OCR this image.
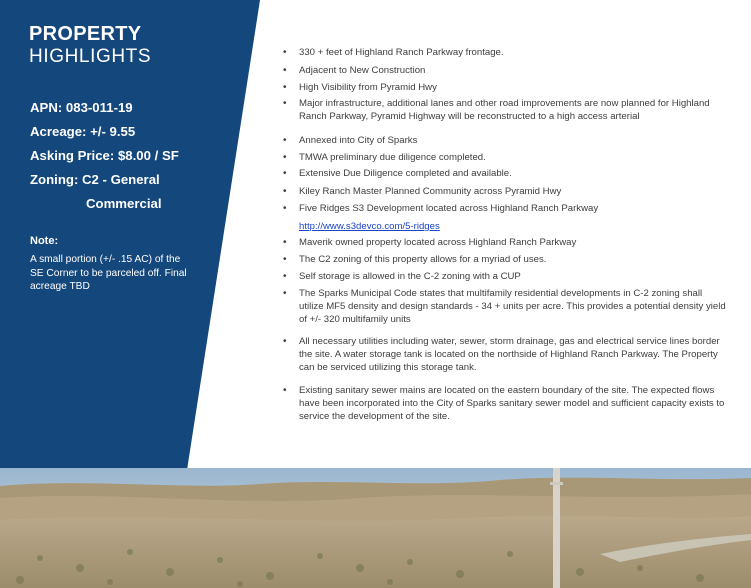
PROPERTY
HIGHLIGHTS
APN: 083-011-19
Acreage: +/- 9.55
Asking Price: $8.00 / SF
Zoning: C2 - General
Commercial
Note:
A small portion (+/- .15 AC) of the SE Corner to be parceled off. Final acreage TBD
• 330 + feet of Highland Ranch Parkway frontage.
• Adjacent to New Construction
• High Visibility from Pyramid Hwy
• Major infrastructure, additional lanes and other road improvements are now planned for Highland Ranch Parkway, Pyramid Highway will be reconstructed to a high access arterial
• Annexed into City of Sparks
• TMWA preliminary due diligence completed.
• Extensive Due Diligence completed and available.
• Kiley Ranch Master Planned Community across Pyramid Hwy
• Five Ridges S3 Development located across Highland Ranch Parkway
http://www.s3devco.com/5-ridges
• Maverik owned property located across Highland Ranch Parkway
• The C2 zoning of this property allows for a myriad of uses.
• Self storage is allowed in the C-2 zoning with a CUP
• The Sparks Municipal Code states that multifamily residential developments in C-2 zoning shall utilize MF5 density and design standards - 34 + units per acre. This provides a potential density yield of +/- 320 multifamily units
• All necessary utilities including water, sewer, storm drainage, gas and electrical service lines border the site. A water storage tank is located on the northside of Highland Ranch Parkway. The Property can be serviced utilizing this storage tank.
• Existing sanitary sewer mains are located on the eastern boundary of the site. The expected flows have been incorporated into the City of Sparks sanitary sewer model and sufficient capacity exists to service the development of the site.
